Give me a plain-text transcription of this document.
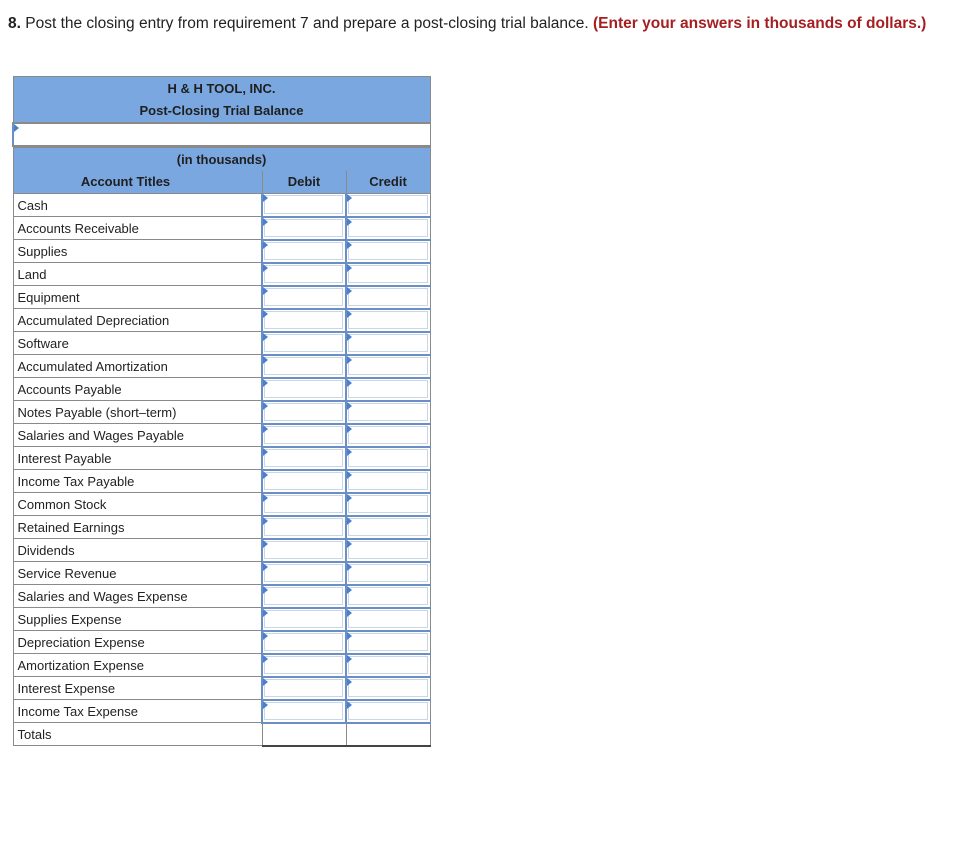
8. Post the closing entry from requirement 7 and prepare a post-closing trial balance. (Enter your answers in thousands of dollars.)
H & H TOOL, INC.		
Post-Closing Trial Balance		

(in thousands)		
Account Titles	Debit	Credit
Cash	

Accounts Receivable	

Supplies	

Land	

Equipment	

Accumulated Depreciation	

Software	

Accumulated Amortization	

Accounts Payable	

Notes Payable (short–term)	

Salaries and Wages Payable	

Interest Payable	

Income Tax Payable	

Common Stock	

Retained Earnings	

Dividends	

Service Revenue	

Salaries and Wages Expense	

Supplies Expense	

Depreciation Expense	

Amortization Expense	

Interest Expense	

Income Tax Expense	

Totals		
